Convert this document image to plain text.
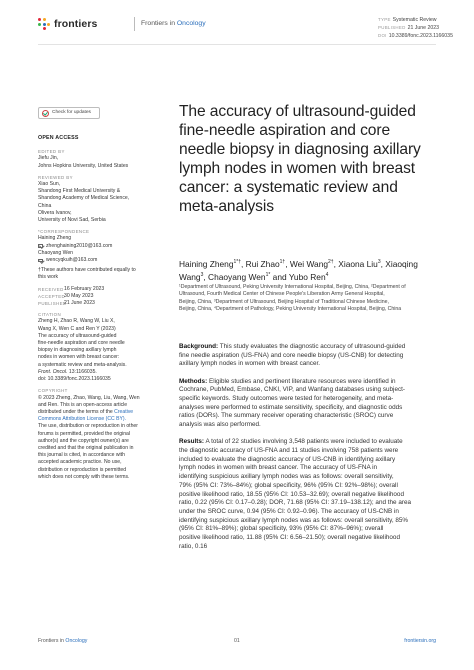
frontiers	Frontiers in Oncology
TYPE Systematic Review
PUBLISHED 21 June 2023
DOI 10.3389/fonc.2023.1166035
Check for updates
OPEN ACCESS
EDITED BY
Jiefu Jin,
Johns Hopkins University, United States
REVIEWED BY
Xiao Sun,
Shandong First Medical University &
Shandong Academy of Medical Science,
China
Olivera Ivanov,
University of Novi Sad, Serbia
*CORRESPONDENCE
Haining Zheng
zhenghaining2010@163.com
Chaoyang Wen
wencyqkuih@163.com
†These authors have contributed equally to
this work
RECEIVED 16 February 2023
ACCEPTED
30 May 2023
PUBLISHED
21 June 2023
CITATION
Zheng H, Zhao R, Wang W, Liu X,
Wang X, Wen C and Ren Y (2023)
The accuracy of ultrasound-guided
fine-needle aspiration and core needle
biopsy in diagnosing axillary lymph
nodes in women with breast cancer:
a systematic review and meta-analysis.
Front. Oncol. 13:1166035.
doi: 10.3389/fonc.2023.1166035
COPYRIGHT
© 2023 Zheng, Zhao, Wang, Liu, Wang, Wen
and Ren. This is an open-access article
distributed under the terms of the Creative
Commons Attribution License (CC BY).
The use, distribution or reproduction in other
forums is permitted, provided the original
author(s) and the copyright owner(s) are
credited and that the original publication in
this journal is cited, in accordance with
accepted academic practice. No use,
distribution or reproduction is permitted
which does not comply with these terms.
The accuracy of ultrasound-guided fine-needle aspiration and core needle biopsy in diagnosing axillary lymph nodes in women with breast cancer: a systematic review and meta-analysis
Haining Zheng$^{1*\dagger}$, Rui Zhao$^{1\dagger}$, Wei Wang$^{2\dagger}$, Xiaona Liu$^3$, Xiaoqing Wang$^3$, Chaoyang Wen$^{1*}$ and Yubo Ren$^4$
¹Department of Ultrasound, Peking University International Hospital, Beijing, China, ²Department of
Ultrasound, Fourth Medical Center of Chinese People's Liberation Army General Hospital,
Beijing, China, ³Department of Ultrasound, Beijing Hospital of Traditional Chinese Medicine,
Beijing, China, ⁴Department of Pathology, Peking University International Hospital, Beijing, China
Background: This study evaluates the diagnostic accuracy of ultrasound-guided
fine needle aspiration (US-FNA) and core needle biopsy (US-CNB) for detecting
axillary lymph nodes in women with breast cancer.
Methods: Eligible studies and pertinent literature resources were identified in
Cochrane, PubMed, Embase, CNKI, VIP, and Wanfang databases using subject-
specific keywords. Study outcomes were tested for heterogeneity, and meta-
analyses were performed to estimate sensitivity, specificity, and diagnostic odds
ratios (DORs). The summary receiver operating characteristic (SROC) curve
analysis was also performed.
Results: A total of 22 studies involving 3,548 patients were included to evaluate
the diagnostic accuracy of US-FNA and 11 studies involving 758 patients were
included to evaluate the diagnostic accuracy of US-CNB in identifying axillary
lymph nodes in women with breast cancer. The accuracy of US-FNA in
identifying suspicious axillary lymph nodes was as follows: overall sensitivity,
79% (95% CI: 73%–84%); global specificity, 96% (95% CI: 92%–98%); overall
positive likelihood ratio, 18.55 (95% CI: 10.53–32.69); overall negative likelihood
ratio, 0.22 (95% CI: 0.17–0.28); DOR, 71.68 (95% CI: 37.19–138.12); and the area
under the SROC curve, 0.94 (95% CI: 0.92–0.96). The accuracy of US-CNB in
identifying suspicious axillary lymph nodes was as follows: overall sensitivity, 85%
(95% CI: 81%–89%); global specificity, 93% (95% CI: 87%–96%); overall
positive likelihood ratio, 11.88 (95% CI: 6.56–21.50); overall negative likelihood
ratio, 0.16
Frontiers in Oncology	01	frontiersin.org
